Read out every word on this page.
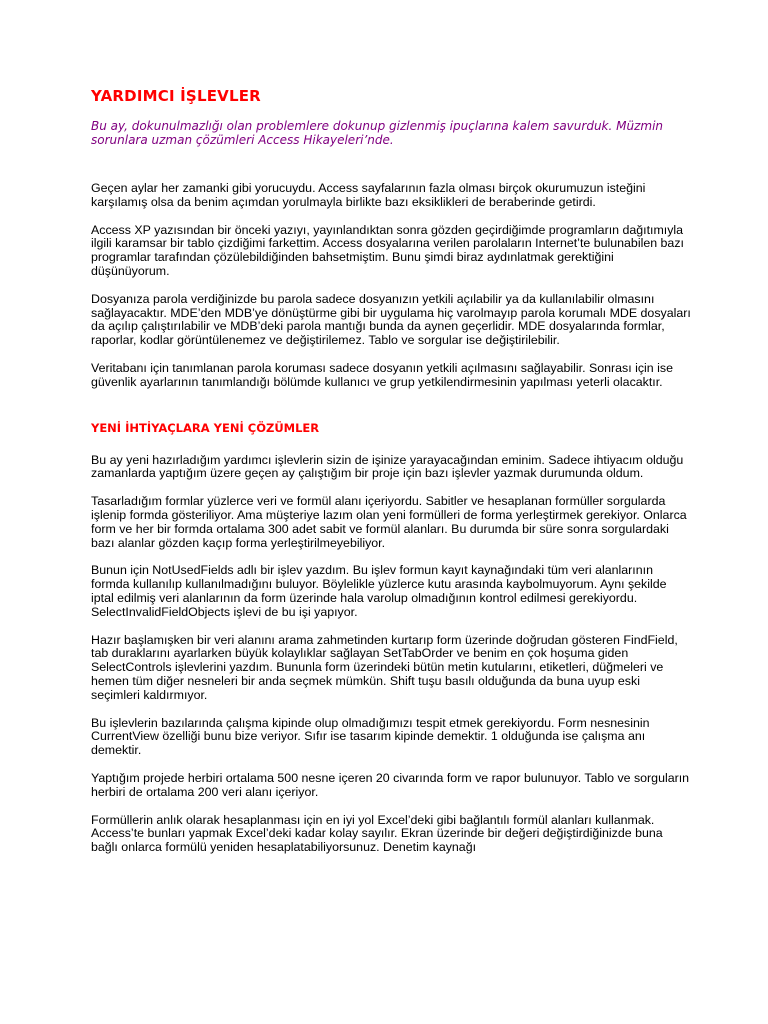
YARDIMCI İŞLEVLER

Bu ay, dokunulmazlığı olan problemlere dokunup gizlenmiş ipuçlarına kalem savurduk. Müzmin sorunlara uzman çözümleri Access Hikayeleri’nde.

Geçen aylar her zamanki gibi yorucuydu. Access sayfalarının fazla olması birçok okurumuzun isteğini karşılamış olsa da benim açımdan yorulmayla birlikte bazı eksiklikleri de beraberinde getirdi.

Access XP yazısından bir önceki yazıyı, yayınlandıktan sonra gözden geçirdiğimde programların dağıtımıyla ilgili karamsar bir tablo çizdiğimi farkettim. Access dosyalarına verilen parolaların Internet’te bulunabilen bazı programlar tarafından çözülebildiğinden bahsetmiştim. Bunu şimdi biraz aydınlatmak gerektiğini düşünüyorum.

Dosyanıza parola verdiğinizde bu parola sadece dosyanızın yetkili açılabilir ya da kullanılabilir olmasını sağlayacaktır. MDE’den MDB’ye dönüştürme gibi bir uygulama hiç varolmayıp parola korumalı MDE dosyaları da açılıp çalıştırılabilir ve MDB’deki parola mantığı bunda da aynen geçerlidir. MDE dosyalarında formlar, raporlar, kodlar görüntülenemez ve değiştirilemez. Tablo ve sorgular ise değiştirilebilir.

Veritabanı için tanımlanan parola koruması sadece dosyanın yetkili açılmasını sağlayabilir. Sonrası için ise güvenlik ayarlarının tanımlandığı bölümde kullanıcı ve grup yetkilendirmesinin yapılması yeterli olacaktır.

YENİ İHTİYAÇLARA YENİ ÇÖZÜMLER

Bu ay yeni hazırladığım yardımcı işlevlerin sizin de işinize yarayacağından eminim. Sadece ihtiyacım olduğu zamanlarda yaptığım üzere geçen ay çalıştığım bir proje için bazı işlevler yazmak durumunda oldum.

Tasarladığım formlar yüzlerce veri ve formül alanı içeriyordu. Sabitler ve hesaplanan formüller sorgularda işlenip formda gösteriliyor. Ama müşteriye lazım olan yeni formülleri de forma yerleştirmek gerekiyor. Onlarca form ve her bir formda ortalama 300 adet sabit ve formül alanları. Bu durumda bir süre sonra sorgulardaki bazı alanlar gözden kaçıp forma yerleştirilmeyebiliyor.

Bunun için NotUsedFields adlı bir işlev yazdım. Bu işlev formun kayıt kaynağındaki tüm veri alanlarının formda kullanılıp kullanılmadığını buluyor. Böylelikle yüzlerce kutu arasında kaybolmuyorum. Aynı şekilde iptal edilmiş veri alanlarının da form üzerinde hala varolup olmadığının kontrol edilmesi gerekiyordu. SelectInvalidFieldObjects işlevi de bu işi yapıyor.

Hazır başlamışken bir veri alanını arama zahmetinden kurtarıp form üzerinde doğrudan gösteren FindField, tab duraklarını ayarlarken büyük kolaylıklar sağlayan SetTabOrder ve benim en çok hoşuma giden SelectControls işlevlerini yazdım. Bununla form üzerindeki bütün metin kutularını, etiketleri, düğmeleri ve hemen tüm diğer nesneleri bir anda seçmek mümkün. Shift tuşu basılı olduğunda da buna uyup eski seçimleri kaldırmıyor.

Bu işlevlerin bazılarında çalışma kipinde olup olmadığımızı tespit etmek gerekiyordu. Form nesnesinin CurrentView özelliği bunu bize veriyor. Sıfır ise tasarım kipinde demektir. 1 olduğunda ise çalışma anı demektir.

Yaptığım projede herbiri ortalama 500 nesne içeren 20 civarında form ve rapor bulunuyor. Tablo ve sorguların herbiri de ortalama 200 veri alanı içeriyor.

Formüllerin anlık olarak hesaplanması için en iyi yol Excel’deki gibi bağlantılı formül alanları kullanmak. Access’te bunları yapmak Excel’deki kadar kolay sayılır. Ekran üzerinde bir değeri değiştirdiğinizde buna bağlı onlarca formülü yeniden hesaplatabiliyorsunuz. Denetim kaynağı
